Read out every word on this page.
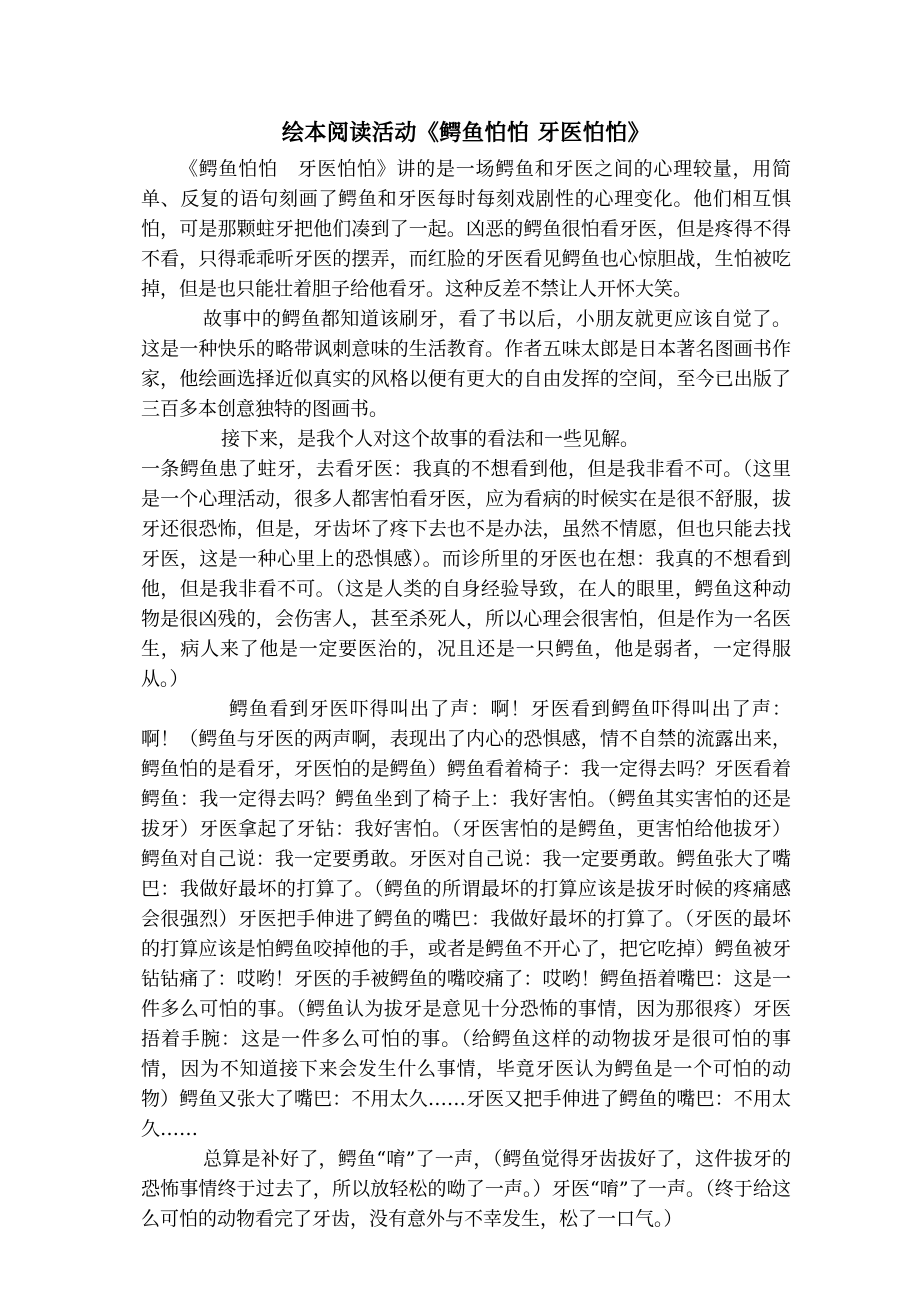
绘本阅读活动《鳄鱼怕怕 牙医怕怕》

《鳄鱼怕怕　牙医怕怕》讲的是一场鳄鱼和牙医之间的心理较量，用简单、反复的语句刻画了鳄鱼和牙医每时每刻戏剧性的心理变化。他们相互惧怕，可是那颗蛀牙把他们凑到了一起。凶恶的鳄鱼很怕看牙医，但是疼得不得不看，只得乖乖听牙医的摆弄，而红脸的牙医看见鳄鱼也心惊胆战，生怕被吃掉，但是也只能壮着胆子给他看牙。这种反差不禁让人开怀大笑。

故事中的鳄鱼都知道该刷牙，看了书以后，小朋友就更应该自觉了。这是一种快乐的略带讽刺意味的生活教育。作者五味太郎是日本著名图画书作家，他绘画选择近似真实的风格以便有更大的自由发挥的空间，至今已出版了三百多本创意独特的图画书。

接下来，是我个人对这个故事的看法和一些见解。

一条鳄鱼患了蛀牙，去看牙医：我真的不想看到他，但是我非看不可。（这里是一个心理活动，很多人都害怕看牙医，应为看病的时候实在是很不舒服，拔牙还很恐怖，但是，牙齿坏了疼下去也不是办法，虽然不情愿，但也只能去找牙医，这是一种心里上的恐惧感）。而诊所里的牙医也在想：我真的不想看到他，但是我非看不可。（这是人类的自身经验导致，在人的眼里，鳄鱼这种动物是很凶残的，会伤害人，甚至杀死人，所以心理会很害怕，但是作为一名医生，病人来了他是一定要医治的，况且还是一只鳄鱼，他是弱者，一定得服从。）

鳄鱼看到牙医吓得叫出了声：啊！牙医看到鳄鱼吓得叫出了声：啊！（鳄鱼与牙医的两声啊，表现出了内心的恐惧感，情不自禁的流露出来，鳄鱼怕的是看牙，牙医怕的是鳄鱼）鳄鱼看着椅子：我一定得去吗？牙医看着鳄鱼：我一定得去吗？鳄鱼坐到了椅子上：我好害怕。（鳄鱼其实害怕的还是拔牙）牙医拿起了牙钻：我好害怕。（牙医害怕的是鳄鱼，更害怕给他拔牙）鳄鱼对自己说：我一定要勇敢。牙医对自己说：我一定要勇敢。鳄鱼张大了嘴巴：我做好最坏的打算了。（鳄鱼的所谓最坏的打算应该是拔牙时候的疼痛感会很强烈）牙医把手伸进了鳄鱼的嘴巴：我做好最坏的打算了。（牙医的最坏的打算应该是怕鳄鱼咬掉他的手，或者是鳄鱼不开心了，把它吃掉）鳄鱼被牙钻钻痛了：哎哟！牙医的手被鳄鱼的嘴咬痛了：哎哟！鳄鱼捂着嘴巴：这是一件多么可怕的事。（鳄鱼认为拔牙是意见十分恐怖的事情，因为那很疼）牙医捂着手腕：这是一件多么可怕的事。（给鳄鱼这样的动物拔牙是很可怕的事情，因为不知道接下来会发生什么事情，毕竟牙医认为鳄鱼是一个可怕的动物）鳄鱼又张大了嘴巴：不用太久……牙医又把手伸进了鳄鱼的嘴巴：不用太久……

总算是补好了，鳄鱼“唷”了一声，（鳄鱼觉得牙齿拔好了，这件拔牙的恐怖事情终于过去了，所以放轻松的呦了一声。）牙医“唷”了一声。（终于给这么可怕的动物看完了牙齿，没有意外与不幸发生，松了一口气。）
